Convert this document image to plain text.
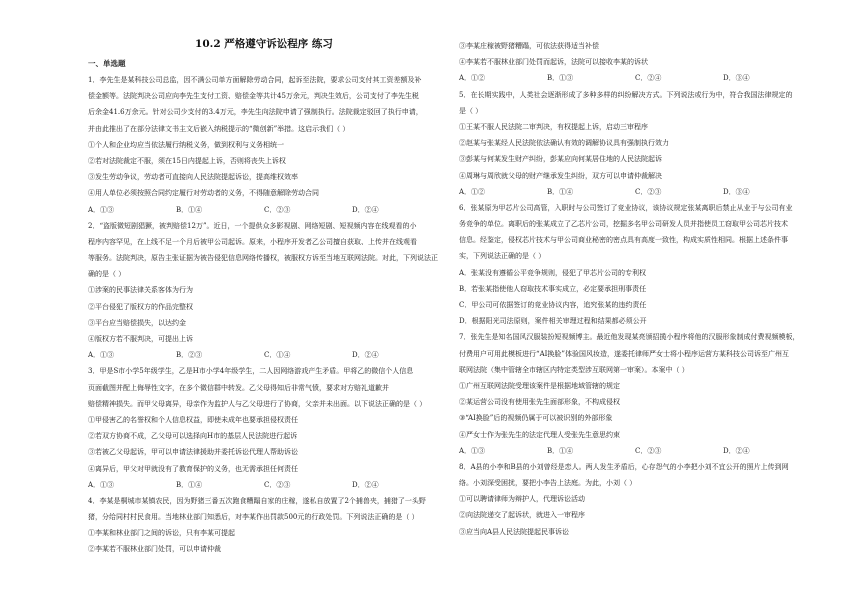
10.2 严格遵守诉讼程序 练习
一、单选题
1．李先生是某科技公司总监，因不满公司单方面解除劳动合同，起诉至法院，要求公司支付其工资差额及补
偿金额等。法院判决公司应向李先生支付工资、赔偿金等共计45万余元，判决生效后，公司支付了李先生税
后余金41.6万余元。针对公司少支付的3.4万元，李先生向法院申请了强制执行。法院裁定驳回了执行申请，
并由此推出了在部分法律文书主文后嵌入纳税提示的“微创新”举措。这启示我们（ ）
①个人和企业均应当依法履行纳税义务，做到权利与义务相统一
②若对法院裁定不服，须在15日内提起上诉，否则将丧失上诉权
③发生劳动争议，劳动者可直接向人民法院提起诉讼，提高维权效率
④用人单位必须按照合同约定履行对劳动者的义务，不得随意解除劳动合同
A．①③	B．①④	C．②③	D．②④
2．“盗版微短剧猖獗，被判赔偿12万”。近日，一个提供众多影视剧、网络短剧、短视频内容在线观看的小
程序内容罕见，在上线不足一个月后被甲公司起诉。原来，小程序开发者乙公司擅自获取、上传并在线观看
等服务。法院判决，原告主张证据为被告侵犯信息网络传播权，被服权方诉至当地互联网法院。对此，下列说法正
确的是（ ）
①涉案的民事法律关系客体为行为
②平台侵犯了版权方的作品完整权
③平台应当赔偿损失，以达约金
④版权方若不服判决，可提出上诉
A．①③	B．②③	C．①④	D．②④
3．甲是S市小学5年级学生，乙是H市小学4年级学生，二人因网络游戏产生矛盾。甲将乙的微信个人信息
页面截图并配上侮辱性文字，在多个微信群中转发。乙父母得知后非常气愤，要求对方赔礼道歉并
赔偿精神损失。而甲父母离异，母亲作为监护人与乙父母进行了协商，父亲并未出面。以下说法正确的是（ ）
①甲侵害乙的名誉权和个人信息权益，即使未成年也要承担侵权责任
②若双方协商不成，乙父母可以选择向H市的基层人民法院进行起诉
③若被乙父母起诉，甲可以申请法律援助并委托诉讼代理人帮助诉讼
④离异后，甲父对甲就没有了教育保护的义务，也无需承担任何责任
A．①③	B．①④	C．②③	D．②④
4．李某是桐城市某镇农民，因为野猪三番五次跑食糟蹋自家的庄稼，遂私自放置了2个捕兽夹，捕猎了一头野
猪，分给同村村民食用。当地林业部门知悉后，对李某作出罚款500元的行政处罚。下列说法正确的是（ ）
①李某和林业部门之间的诉讼，只有李某可提起
②李某若不服林业部门处罚，可以申请仲裁
③李某庄稼被野猪糟蹋，可依法获得适当补偿
④李某若不服林业部门处罚而起诉，法院可以接收李某的诉状
A．①②	B．①③	C．②④	D．③④
5．在长期实践中，人类社会逐渐形成了多种多样的纠纷解决方式。下列说法或行为中，符合我国法律规定的
是（ ）
①王某不服人民法院二审判决，有权提起上诉，启动三审程序
②赵某与张某经人民法院依法确认有效的调解协议具有强制执行效力
③彭某与何某发生财产纠纷，彭某应向何某居住地的人民法院起诉
④周琳与周欣就父母的财产继承发生纠纷，双方可以申请仲裁解决
A．①②	B．①④	C．②③	D．③④
6．张某原为甲芯片公司高管，入职时与公司签订了竞业协议，该协议规定张某离职后禁止从业于与公司有业
务竞争的单位。离职后的张某成立了乙芯片公司，挖掘多名甲公司研发人员并指使员工窃取甲公司芯片技术
信息。经鉴定，侵权芯片技术与甲公司商业秘密的密点具有高度一致性，构成实质性相同。根据上述条件事
实，下列说法正确的是（ ）
A．张某没有遵循公平竞争规则，侵犯了甲芯片公司的专利权
B．若张某指使他人窃取技术事实成立，必定要承担刑事责任
C．甲公司可依据签订的竞业协议内容，追究张某的违约责任
D．根据阳光司法原则，案件相关审理过程和结果都必须公开
7．张先生是知名国风汉服装扮短视频博主。最近他发现某亮颁招揽小程序将他的汉服形象制成付费视频模板，
付费用户可用此模板进行“AI换脸”体验国风妆造，遂委托律师严女士将小程序运营方某科技公司诉至广州互
联网法院（集中管辖全市辖区内特定类型涉互联网第一审案）。本案中（ ）
①广州互联网法院受理该案件是根据地域管辖的规定
②某运营公司没有使用张先生面部形象，不构成侵权
③“AI换脸”后的视频仍属于可以被识别的外部形象
④严女士作为张先生的法定代理人受张先生意思约束
A．①③	B．①④	C．②③	D．②④
8．A县的小李和B县的小刘曾经是恋人。两人发生矛盾后，心存怨气的小李把小刘不宜公开的照片上传到网
络。小刘深受困扰，要把小李告上法庭。为此，小刘（ ）
①可以聘请律师为辩护人，代理诉讼活动
②向法院递交了起诉状，就进入一审程序
③应当向A县人民法院提起民事诉讼
